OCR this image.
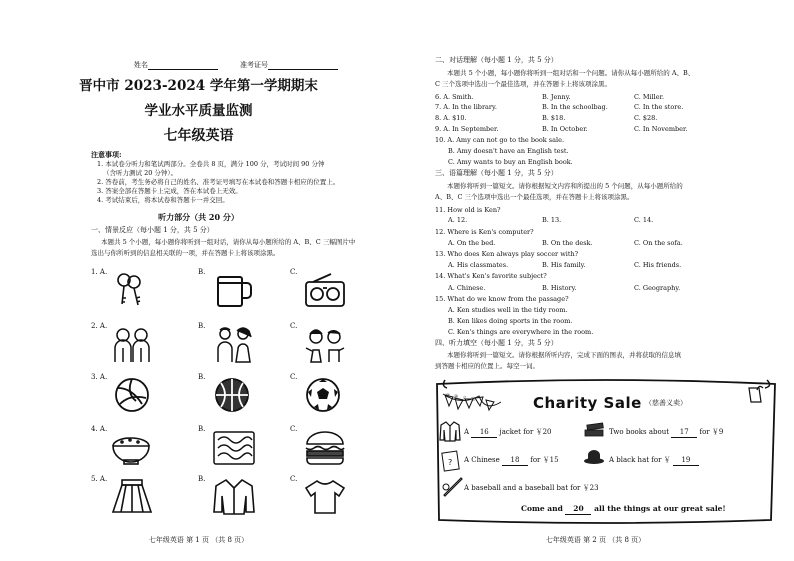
姓名	准考证号
晋中市 2023-2024 学年第一学期期末
学业水平质量监测
七年级英语
注意事项:
1. 本试卷分听力和笔试两部分。全卷共 8 页，满分 100 分，考试时间 90 分钟
（含听力测试 20 分钟）。
2. 答卷前，考生务必将自己的姓名、准考证号填写在本试卷和答题卡相应的位置上。
3. 答案全部在答题卡上完成，答在本试卷上无效。
4. 考试结束后，将本试卷和答题卡一并交回。
听力部分（共 20 分）
一、情景反应（每小题 1 分，共 5 分）
本题共 5 个小题，每小题你将听到一组对话，请你从每小题所给的 A、B、C 三幅图片中
选出与你所听到的信息相关联的一项，并在答题卡上将该项涂黑。
1. A.	B.	C.
2. A.	B.	C.
3. A.	B.	C.
4. A.	B.	C.
5. A.	B.	C.
七年级英语 第 1 页 （共 8 页）
二、对话理解（每小题 1 分，共 5 分）
本题共 5 个小题，每小题你将听到一组对话和一个问题。请你从每小题所给的 A、B、
C 三个选项中选出一个最佳选项，并在答题卡上将该项涂黑。
6. A. Smith.	B. Jenny.	C. Miller.
7. A. In the library.	B. In the schoolbag.	C. In the store.
8. A. $10.	B. $18.	C. $28.
9. A. In September.	B. In October.	C. In November.
10. A. Amy can not go to the book sale.
B. Amy doesn't have an English test.
C. Amy wants to buy an English book.
三、语篇理解（每小题 1 分，共 5 分）
本题你将听到一篇短文。请你根据短文内容和所提出的 5 个问题，从每小题所给的
A、B、C 三个选项中选出一个最佳选项，并在答题卡上将该项涂黑。
11. How old is Ken?
A. 12.	B. 13.	C. 14.
12. Where is Ken's computer?
A. On the bed.	B. On the desk.	C. On the sofa.
13. Who does Ken always play soccer with?
A. His classmates.	B. His family.	C. His friends.
14. What's Ken's favorite subject?
A. Chinese.	B. History.	C. Geography.
15. What do we know from the passage?
A. Ken studies well in the tidy room.
B. Ken likes doing sports in the room.
C. Ken's things are everywhere in the room.
四、听力填空（每小题 1 分，共 5 分）
本题你将听到一篇短文。请你根据所听内容，完成下面的图表，并将获取的信息填
到答题卡相应的位置上。每空一词。
慈善义卖	Charity Sale （慈善义卖）
A 16 jacket for ￥20	Two books about 17 for ￥9
? A Chinese 18 for ￥15	A black hat for ￥ 19
A baseball and a baseball bat for ￥23
Come and 20 all the things at our great sale!
七年级英语 第 2 页 （共 8 页）
